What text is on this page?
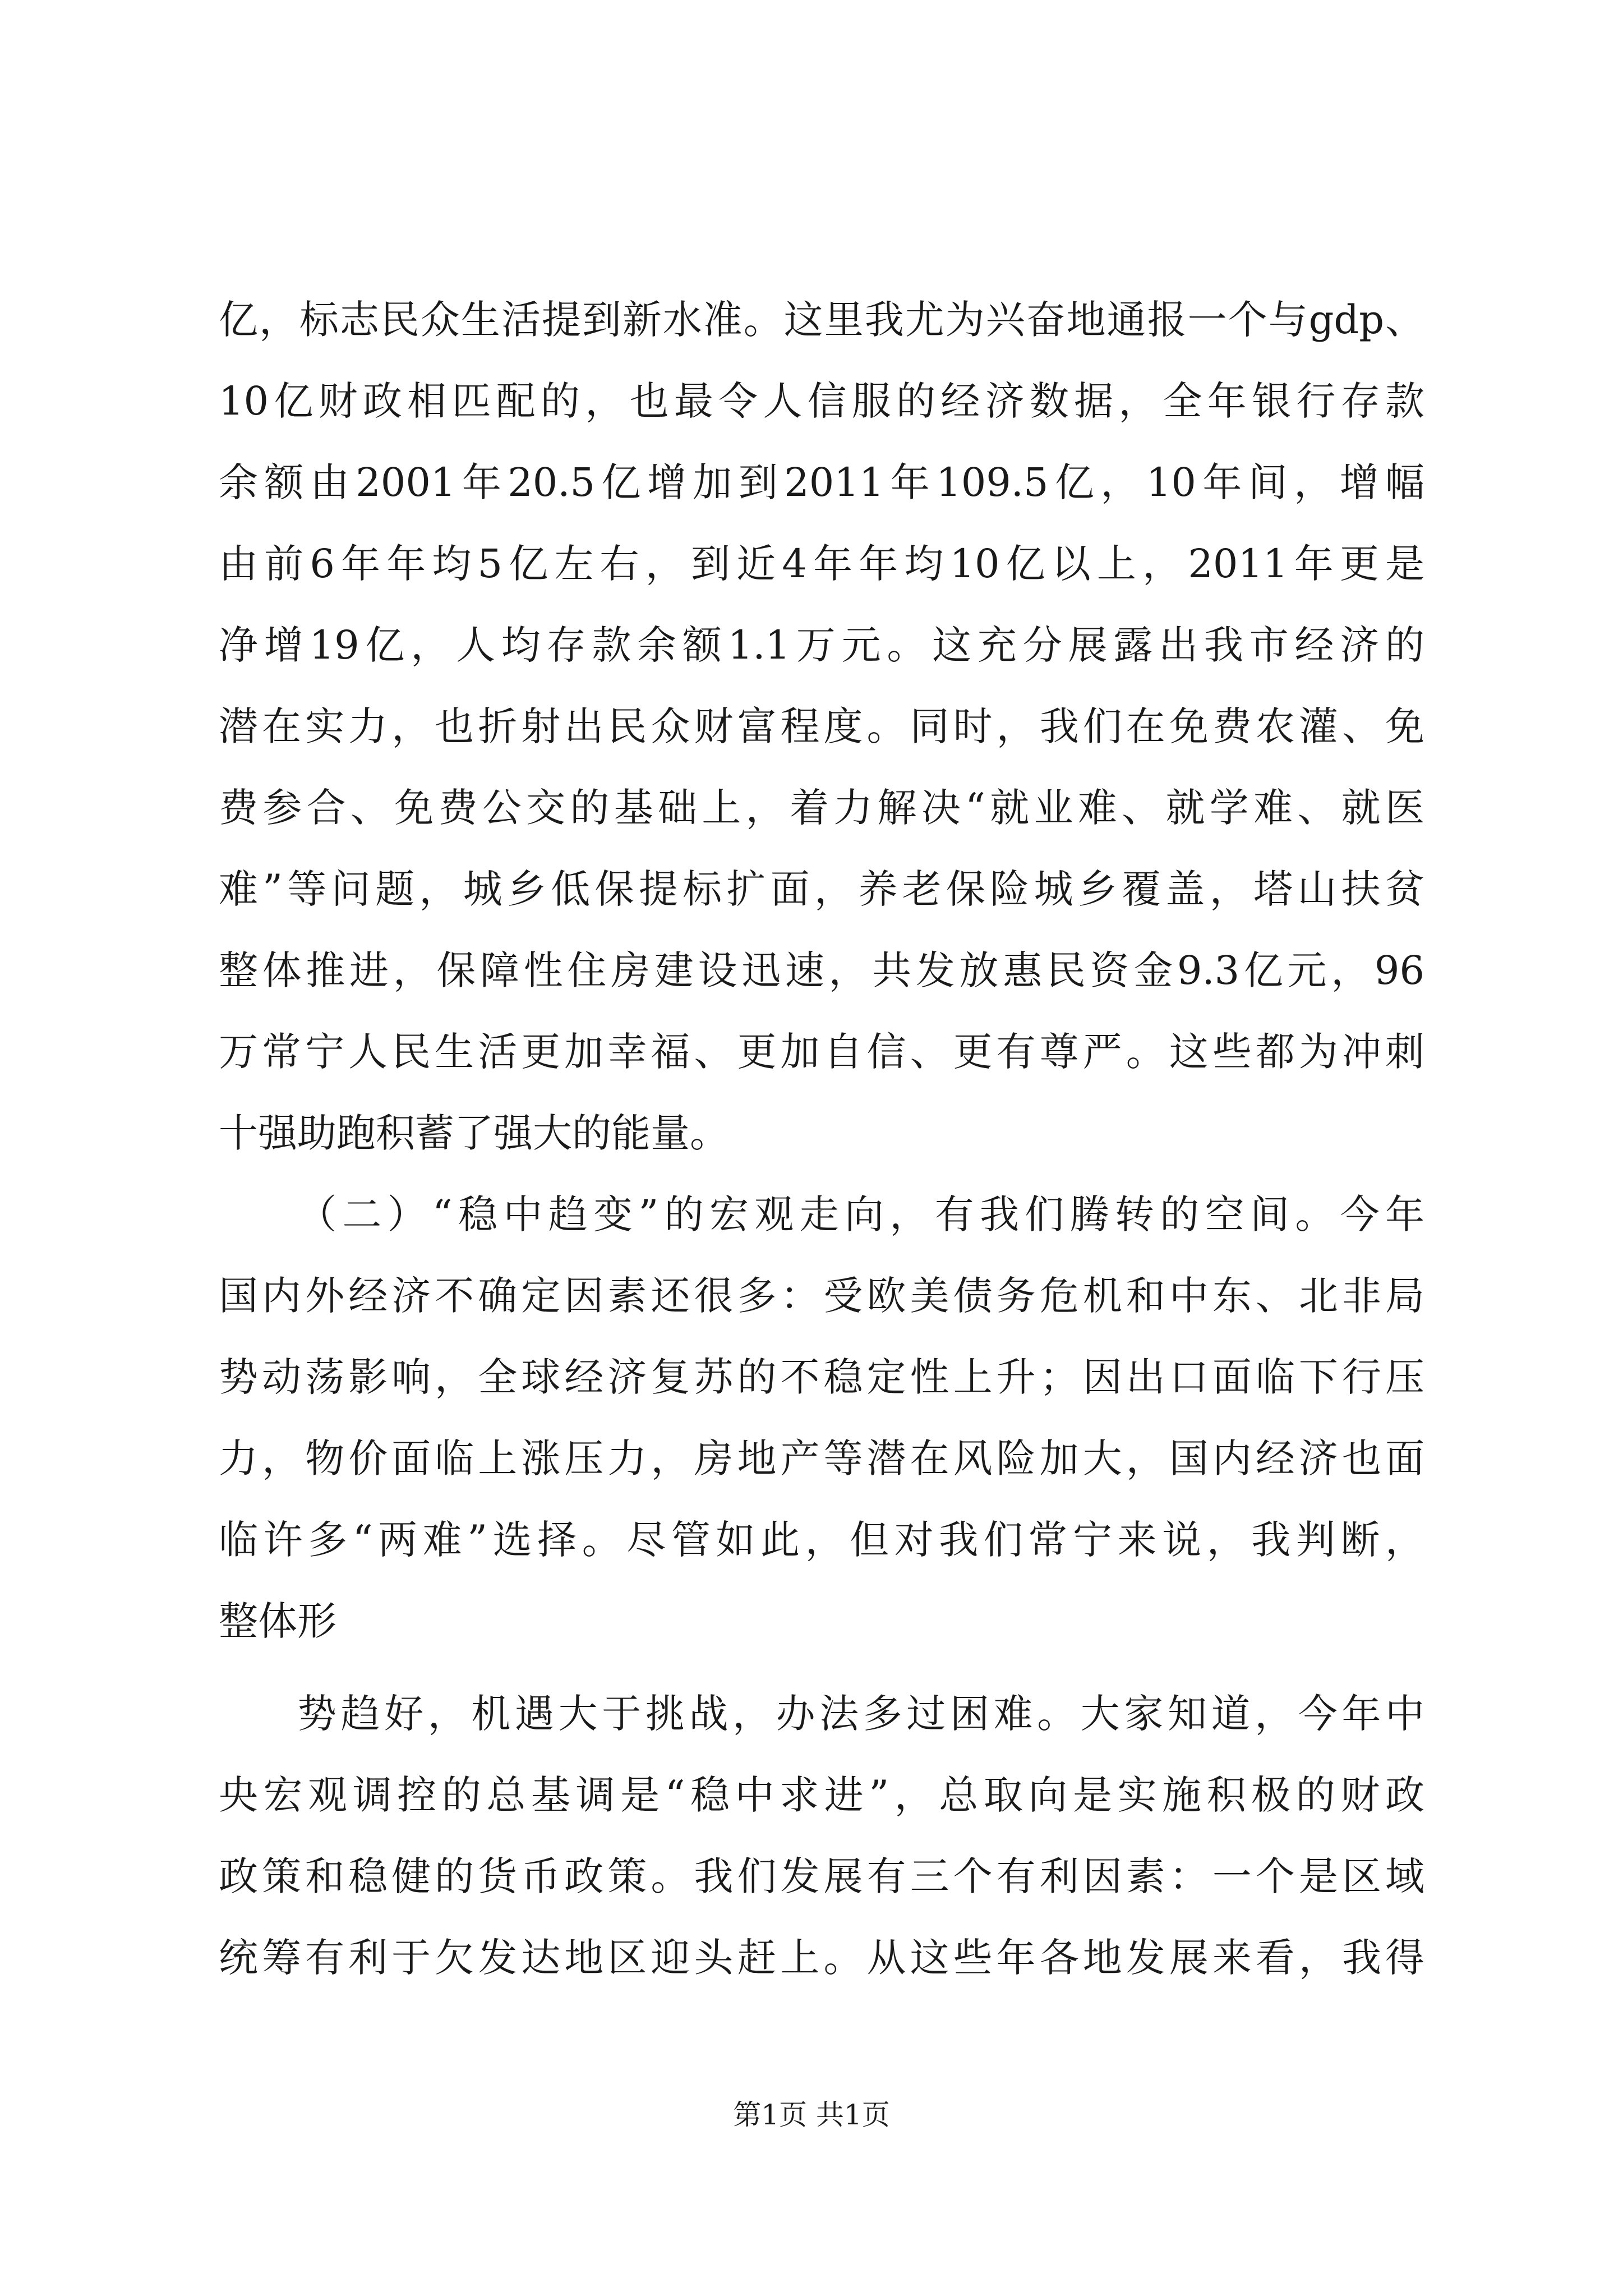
亿，标志民众生活提到新水准。这里我尤为兴奋地通报一个与gdp、
10亿财政相匹配的，也最令人信服的经济数据，全年银行存款
余额由2001年20.5亿增加到2011年109.5亿，10年间，增幅
由前6年年均5亿左右，到近4年年均10亿以上，2011年更是
净增19亿，人均存款余额1.1万元。这充分展露出我市经济的
潜在实力，也折射出民众财富程度。同时，我们在免费农灌、免
费参合、免费公交的基础上，着力解决“就业难、就学难、就医
难”等问题，城乡低保提标扩面，养老保险城乡覆盖，塔山扶贫
整体推进，保障性住房建设迅速，共发放惠民资金9.3亿元，96
万常宁人民生活更加幸福、更加自信、更有尊严。这些都为冲刺
十强助跑积蓄了强大的能量。
（二）“稳中趋变”的宏观走向，有我们腾转的空间。今年
国内外经济不确定因素还很多：受欧美债务危机和中东、北非局
势动荡影响，全球经济复苏的不稳定性上升；因出口面临下行压
力，物价面临上涨压力，房地产等潜在风险加大，国内经济也面
临许多“两难”选择。尽管如此，但对我们常宁来说，我判断，
整体形
势趋好，机遇大于挑战，办法多过困难。大家知道，今年中
央宏观调控的总基调是“稳中求进”，总取向是实施积极的财政
政策和稳健的货币政策。我们发展有三个有利因素：一个是区域
统筹有利于欠发达地区迎头赶上。从这些年各地发展来看，我得
第1页 共1页
